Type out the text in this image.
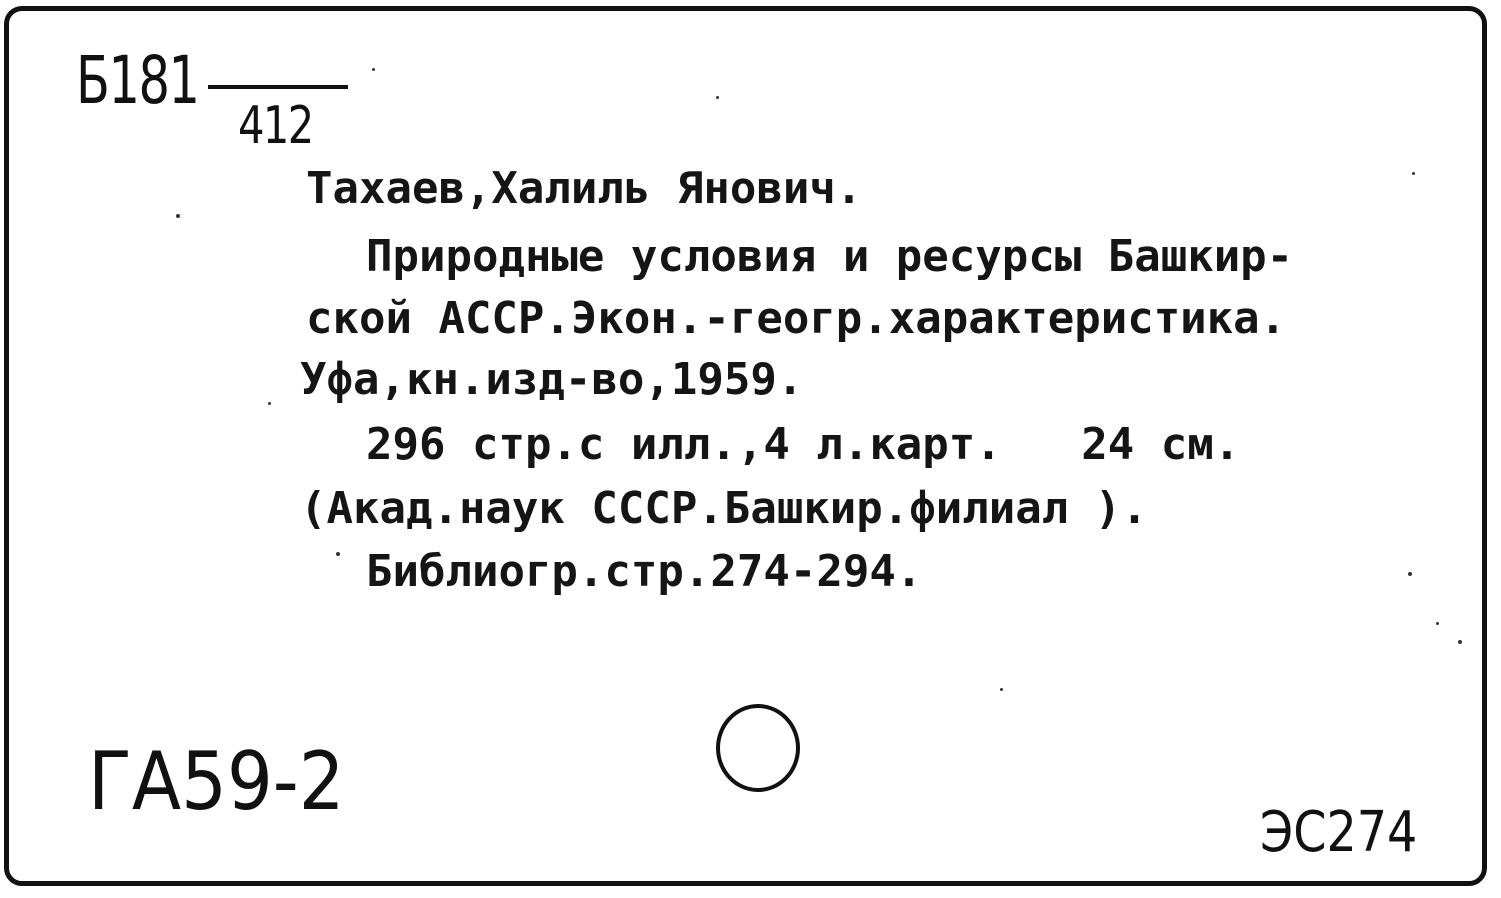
Б181
412
Тахаев,Халиль Янович.
Природные условия и ресурсы Башкир-
ской АССР.Экон.-геогр.характеристика.
Уфа,кн.изд-во,1959.
296 стр.с илл.,4 л.карт.   24 см.
(Акад.наук СССР.Башкир.филиал ).
Библиогр.стр.274-294.
ГА59-2
ЭС274
